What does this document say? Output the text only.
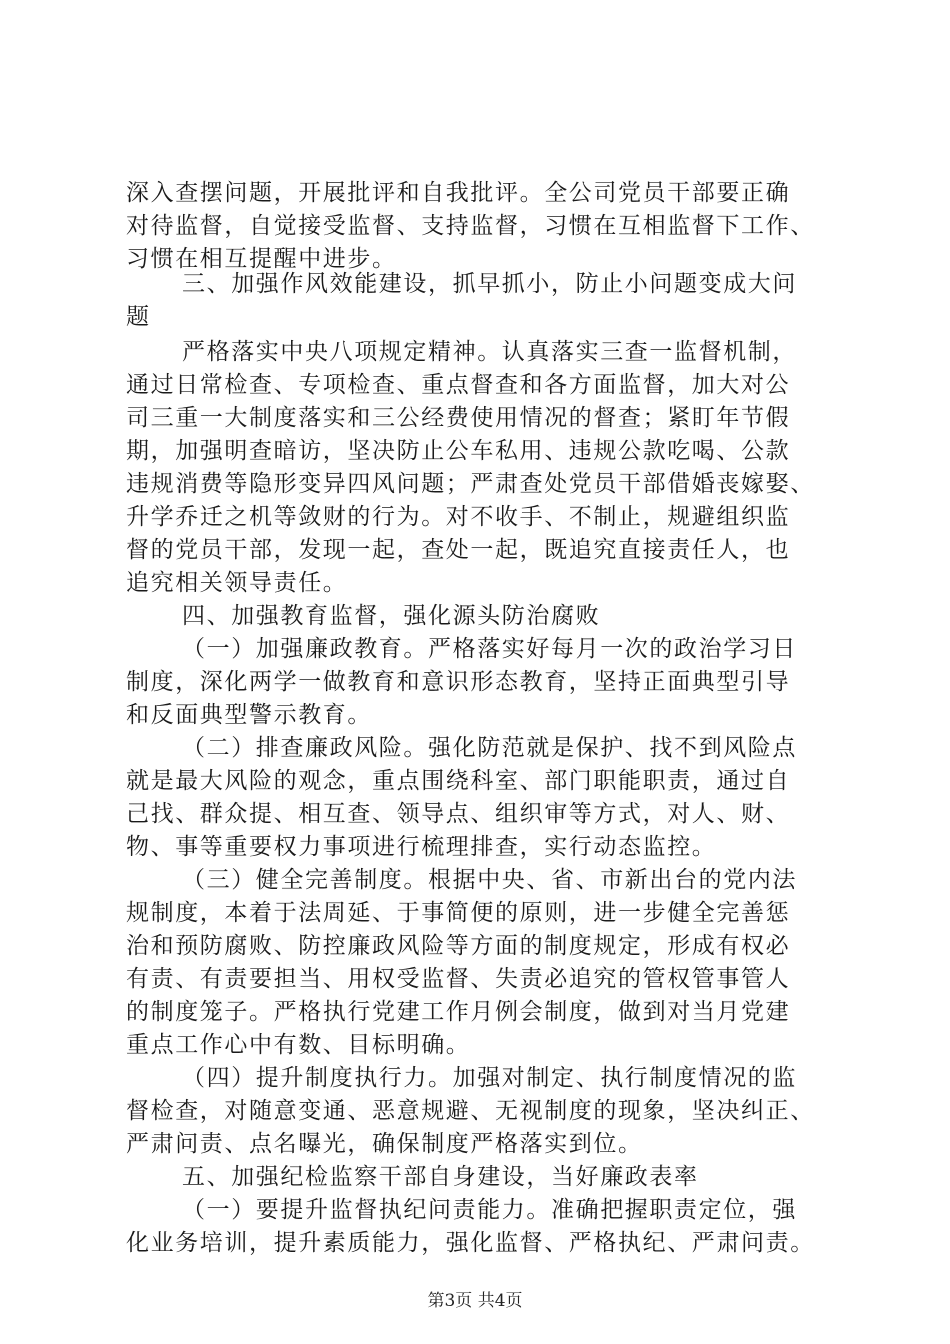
深入查摆问题，开展批评和自我批评。全公司党员干部要正确
对待监督，自觉接受监督、支持监督，习惯在互相监督下工作、
习惯在相互提醒中进步。
三、加强作风效能建设，抓早抓小，防止小问题变成大问
题
严格落实中央八项规定精神。认真落实三查一监督机制，
通过日常检查、专项检查、重点督查和各方面监督，加大对公
司三重一大制度落实和三公经费使用情况的督查；紧盯年节假
期，加强明查暗访，坚决防止公车私用、违规公款吃喝、公款
违规消费等隐形变异四风问题；严肃查处党员干部借婚丧嫁娶、
升学乔迁之机等敛财的行为。对不收手、不制止，规避组织监
督的党员干部，发现一起，查处一起，既追究直接责任人，也
追究相关领导责任。
四、加强教育监督，强化源头防治腐败
（一）加强廉政教育。严格落实好每月一次的政治学习日
制度，深化两学一做教育和意识形态教育，坚持正面典型引导
和反面典型警示教育。
（二）排查廉政风险。强化防范就是保护、找不到风险点
就是最大风险的观念，重点围绕科室、部门职能职责，通过自
己找、群众提、相互查、领导点、组织审等方式，对人、财、
物、事等重要权力事项进行梳理排查，实行动态监控。
（三）健全完善制度。根据中央、省、市新出台的党内法
规制度，本着于法周延、于事简便的原则，进一步健全完善惩
治和预防腐败、防控廉政风险等方面的制度规定，形成有权必
有责、有责要担当、用权受监督、失责必追究的管权管事管人
的制度笼子。严格执行党建工作月例会制度，做到对当月党建
重点工作心中有数、目标明确。
（四）提升制度执行力。加强对制定、执行制度情况的监
督检查，对随意变通、恶意规避、无视制度的现象，坚决纠正、
严肃问责、点名曝光，确保制度严格落实到位。
五、加强纪检监察干部自身建设，当好廉政表率
（一）要提升监督执纪问责能力。准确把握职责定位，强
化业务培训，提升素质能力，强化监督、严格执纪、严肃问责。
第3页 共4页
